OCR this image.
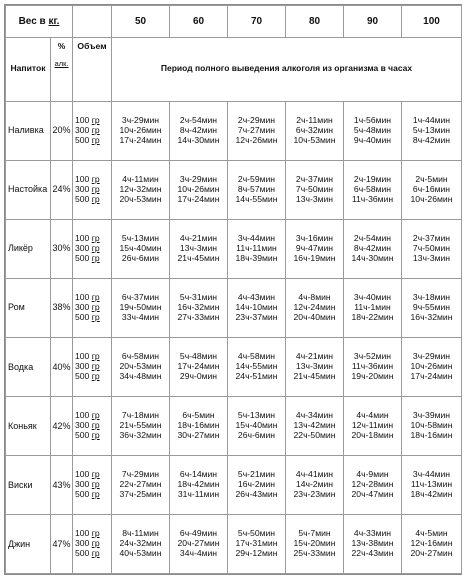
Вес в кг.			50	60	70	80	90	100
Напиток	%
алк.	Объем	Период полного выведения алкоголя из организма в часах					
Наливка	20%	100 гр
300 гр
500 гр	3ч-29мин
10ч-26мин
17ч-24мин	2ч-54мин
8ч-42мин
14ч-30мин	2ч-29мин
7ч-27мин
12ч-26мин	2ч-11мин
6ч-32мин
10ч-53мин	1ч-56мин
5ч-48мин
9ч-40мин	1ч-44мин
5ч-13мин
8ч-42мин

Настойка	24%	100 гр
300 гр
500 гр	4ч-11мин
12ч-32мин
20ч-53мин	3ч-29мин
10ч-26мин
17ч-24мин	2ч-59мин
8ч-57мин
14ч-55мин	2ч-37мин
7ч-50мин
13ч-3мин	2ч-19мин
6ч-58мин
11ч-36мин	2ч-5мин
6ч-16мин
10ч-26мин

Ликёр	30%	100 гр
300 гр
500 гр	5ч-13мин
15ч-40мин
26ч-6мин	4ч-21мин
13ч-3мин
21ч-45мин	3ч-44мин
11ч-11мин
18ч-39мин	3ч-16мин
9ч-47мин
16ч-19мин	2ч-54мин
8ч-42мин
14ч-30мин	2ч-37мин
7ч-50мин
13ч-3мин

Ром	38%	100 гр
300 гр
500 гр	6ч-37мин
19ч-50мин
33ч-4мин	5ч-31мин
16ч-32мин
27ч-33мин	4ч-43мин
14ч-10мин
23ч-37мин	4ч-8мин
12ч-24мин
20ч-40мин	3ч-40мин
11ч-1мин
18ч-22мин	3ч-18мин
9ч-55мин
16ч-32мин

Водка	40%	100 гр
300 гр
500 гр	6ч-58мин
20ч-53мин
34ч-48мин	5ч-48мин
17ч-24мин
29ч-0мин	4ч-58мин
14ч-55мин
24ч-51мин	4ч-21мин
13ч-3мин
21ч-45мин	3ч-52мин
11ч-36мин
19ч-20мин	3ч-29мин
10ч-26мин
17ч-24мин

Коньяк	42%	100 гр
300 гр
500 гр	7ч-18мин
21ч-55мин
36ч-32мин	6ч-5мин
18ч-16мин
30ч-27мин	5ч-13мин
15ч-40мин
26ч-6мин	4ч-34мин
13ч-42мин
22ч-50мин	4ч-4мин
12ч-11мин
20ч-18мин	3ч-39мин
10ч-58мин
18ч-16мин

Виски	43%	100 гр
300 гр
500 гр	7ч-29мин
22ч-27мин
37ч-25мин	6ч-14мин
18ч-42мин
31ч-11мин	5ч-21мин
16ч-2мин
26ч-43мин	4ч-41мин
14ч-2мин
23ч-23мин	4ч-9мин
12ч-28мин
20ч-47мин	3ч-44мин
11ч-13мин
18ч-42мин

Джин	47%	100 гр
300 гр
500 гр	8ч-11мин
24ч-32мин
40ч-53мин	6ч-49мин
20ч-27мин
34ч-4мин	5ч-50мин
17ч-31мин
29ч-12мин	5ч-7мин
15ч-20мин
25ч-33мин	4ч-33мин
13ч-38мин
22ч-43мин	4ч-5мин
12ч-16мин
20ч-27мин
